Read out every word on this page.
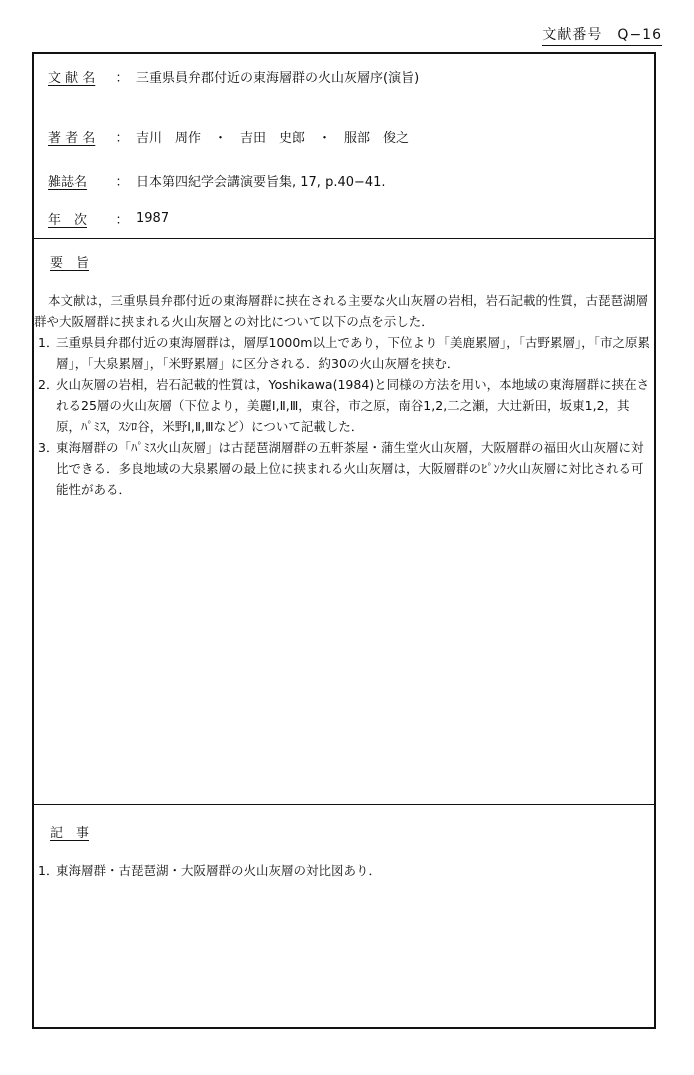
文献番号　Q−16
文 献 名	： 三重県員弁郡付近の東海層群の火山灰層序(演旨)
著 者 名	： 吉川　周作　・　吉田　史郎　・　服部　俊之
雑誌名	： 日本第四紀学会講演要旨集, 17, p.40−41.
年　次	： 1987
要　旨

本文献は，三重県員弁郡付近の東海層群に挟在される主要な火山灰層の岩相，岩石記載的性質，古琵琶湖層群や大阪層群に挟まれる火山灰層との対比について以下の点を示した．

1．
三重県員弁郡付近の東海層群は，層厚1000m以上であり，下位より「美鹿累層」，「古野累層」，「市之原累層」，「大泉累層」，「米野累層」に区分される．約30の火山灰層を挟む．
2．
火山灰層の岩相，岩石記載的性質は，Yoshikawa(1984)と同様の方法を用い，本地域の東海層群に挟在される25層の火山灰層（下位より，美麗Ⅰ,Ⅱ,Ⅲ，東谷，市之原，南谷1,2,二之瀬，大辻新田，坂東1,2，其原，ﾊﾟﾐｽ，ｽｼﾛ谷，米野Ⅰ,Ⅱ,Ⅲなど）について記載した．
3．
東海層群の「ﾊﾟﾐｽ火山灰層」は古琵琶湖層群の五軒茶屋・蒲生堂火山灰層，大阪層群の福田火山灰層に対比できる．多良地域の大泉累層の最上位に挟まれる火山灰層は，大阪層群のﾋﾟﾝｸ火山灰層に対比される可能性がある．
記　事
1．
東海層群・古琵琶湖・大阪層群の火山灰層の対比図あり．
